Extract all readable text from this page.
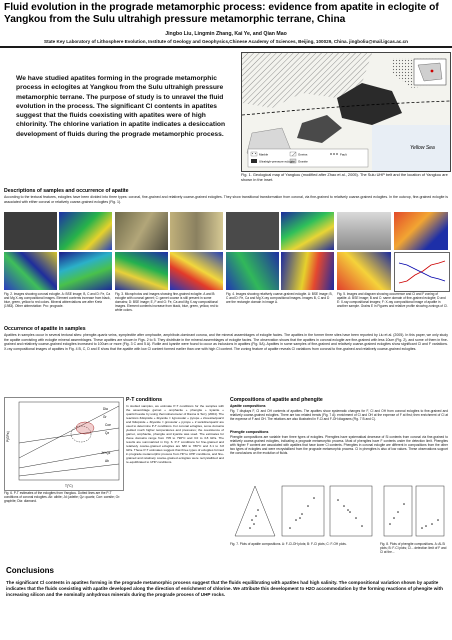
Fluid evolution in the prograde metamorphic process: evidence from apatite in eclogite of Yangkou from the Sulu ultrahigh pressure metamorphic terrane, China
Jingbo Liu, Lingmin Zhang, Kai Ye, and Qian Mao
State Key Laboratory of Lithosphere Evolution, Institute of Geology and Geophysics,Chinese Academy of Sciences, Beijing, 100029, China. jingboliu@mail.igcas.ac.cn
We have studied apatites forming in the prograde metamorphic process in eclogites at Yangkou from the Sulu ultrahigh pressure metamorphic terrane. The purpose of study is to unravel the fluid evolution in the process. The significant Cl contents in apatites suggest that the fluids coexisting with apatites were of high chlorinity. The chlorine variation in apatite indicates a desiccation development of fluids during the prograde metamorphic process.
Marble
Ultrahigh-pressure eclogite
Gneiss
Granite
Fault
Yellow Sea
Fig. 1. Geological map of Yangkou (modified after Zhao et al., 2005). The Sulu UHP belt and the location of Yangkou are shown in the inset.
Descriptions of samples and occurrence of apatite
According to the textural features, eclogites have been divided into three types: coronal, fine-grained and relatively coarse-grained eclogites. They show transitional transformation from coronal, via fine-grained to relatively coarse-grained eclogites. In the outcrop, fine-grained eclogite is associated with either coronal or relatively coarse-grained eclogites (Fig. 1).
Fig. 2. Images showing coronal eclogite. A: BSE image; B, C and D: Fe, Ca and Mg X-ray compositional images. Element contents increase from black, blue, green, yellow to red colors. Mineral abbreviations are after Kretz (1983). Other abbreviation: Pro: prograde.
Fig. 3. Microphotos and images showing fine-grained eclogite. A and B: eclogite with coronal garnet; C: garnet coarse is still present in some domains; D: BSE image; E, F and G: Fe, Ca and Mg X-ray compositional images. Element contents increase from black, blue, green, yellow, red to white colors.
Fig. 4. Images showing relatively coarse-grained eclogite. A: BSE image; B, C and D: Fe, Ca and Mg X-ray compositional images. Images B, C and D are the rectangle domain in image A.
Fig. 5. Images and diagram showing occurrence and Cl and F zoning of apatite. A: BSE image; B and C: same domain of fine-grained eclogite; D and E: X-ray compositional images; F: X-ray compositional image of apatite in another sample. Grains E in Figures and relative profile showing zonings of Cl.
Occurrence of apatite in samples
Apatites in samples occur in several textural sites: phengite-quartz veins, symplectite after omphacite, amphibole-dominant corona, and the mineral assemblages of eclogite facies. The apatites in the former three sites have been reported by Liu et al. (2005). In this paper, we only study the apatite coexisting with eclogite mineral assemblages. These apatites are shown in Figs. 2 to 5. They distribute in the mineral assemblages of eclogite facies. The observation shows that the apatites in coronal eclogite are fine-grained with less 10um (Fig. 2), and some of them in fine-grained and relatively coarse-grained eclogites increased to 100um or more (Fig. 3 C and 5 A). Rutile and kyanite were found to occur as inclusions in apatites (Fig. 5A). Apatites in some samples of fine-grained and relatively coarse-grained eclogites show significant Cl and F variations. X-ray compositional images of apatites in Fig. 4 B, C, D and E show that the apatite with low Cl content formed earlier than one with high Cl content. The zoning feature of apatite reveals Cl variations from coronal to fine-grained and relatively coarse-grained eclogites.
Dia
Gr
Coe
Qz
Jd+Qz
Ab
P(GPa)
T(°C)
Fig. 6. P-T estimates of the eclogites from Yangkou. Dotted lines are the P-T conditions of coronal eclogites. Ab: albite; Jd: jadeite; Qz: quartz; Coe: coesite; Gr: graphite; Dia: diamond.
P-T conditions
In studied samples, we estimate P-T conditions for the samples with the assemblage garnet + omphacite + phengite + kyanite + quartz/coesite by using thermobarometer of Ravna & Terry (2004). The reactions 3diopside + 2kyanite = 1grossular + pyrope + 2coesite/quartz and 6diopside + 3kyanite = grossular + pyrope + 2 sanidine/quartz are used to determine P-T conditions. For coronal eclogites, some domains yielded much higher temperatures and pressures; the coexistence of garnet, omphacite, phengite and kyanite was used. The estimates for these domains range from 705 to 790°C and 3.0 to 3.8 GPa. The results are summarized in Fig. 6. P-T conditions for fine-grained and relatively coarse-grained eclogites are 680 to 780°C and 3.1 to 3.8 GPa. These P-T estimates suggest that three types of eclogites formed in prograde metamorphic process from HP to UHP conditions, and fine-grained and relatively coarse-grained eclogites were recrystallized and re-equilibrated to UHP conditions.
Compositions of apatite and phengite
Apatite compositions
Fig. 7 displays F, Cl and OH contents of apatites. The apatites show systematic changes for F, Cl and OH from coronal eclogites to fine-grained and relatively coarse-grained eclogites. There are two related trends (Fig. 7 A): enrichment of Cl and OH at the expense of F at first; then enrichment of Cl at the expense of F and OH. The relations are also illustrated in F-Cl and F-OH diagrams (Fig. 7 B and C).
Phengite compositions
Phengite compositions are variable from three types of eclogites. Phengites have systematical decrease of Si contents from coronal via fine-grained to relatively coarse-grained eclogites, indicating a prograde metamorphic process. Most of phengites have F contents under the detection limit. Phengites with higher F content are associated with apatites that have lower Cl contents. Phengites in coronal eclogite are different in compositions from the other two types of eclogites and were recrystallized from the prograde metamorphic process. Cl in phengites is also of low values. These observations support the conclusions on the evolution of fluids.
Fig. 7. Plots of apatite compositions. A: F-Cl-OH plots; B: F-Cl plots; C: F-OH plots.	Fig. 8. Plots of phengite compositions. A: Al-Si plots; B: F-Cl plots; Cl... detection limit of F and Cl at the...
Conclusions
The significant Cl contents in apatites forming in the prograde metamorphic process suggest that the fluids equilibrating with apatites had high salinity. The compositional variation shown by apatite indicates that the fluids coexisting with apatite developed along the direction of enrichment of chlorine. We attribute this development to H2O accommodation by the forming reactions of phengite with increasing silicon and the nominally anhydrous minerals during the prograde process of UHP rocks.
